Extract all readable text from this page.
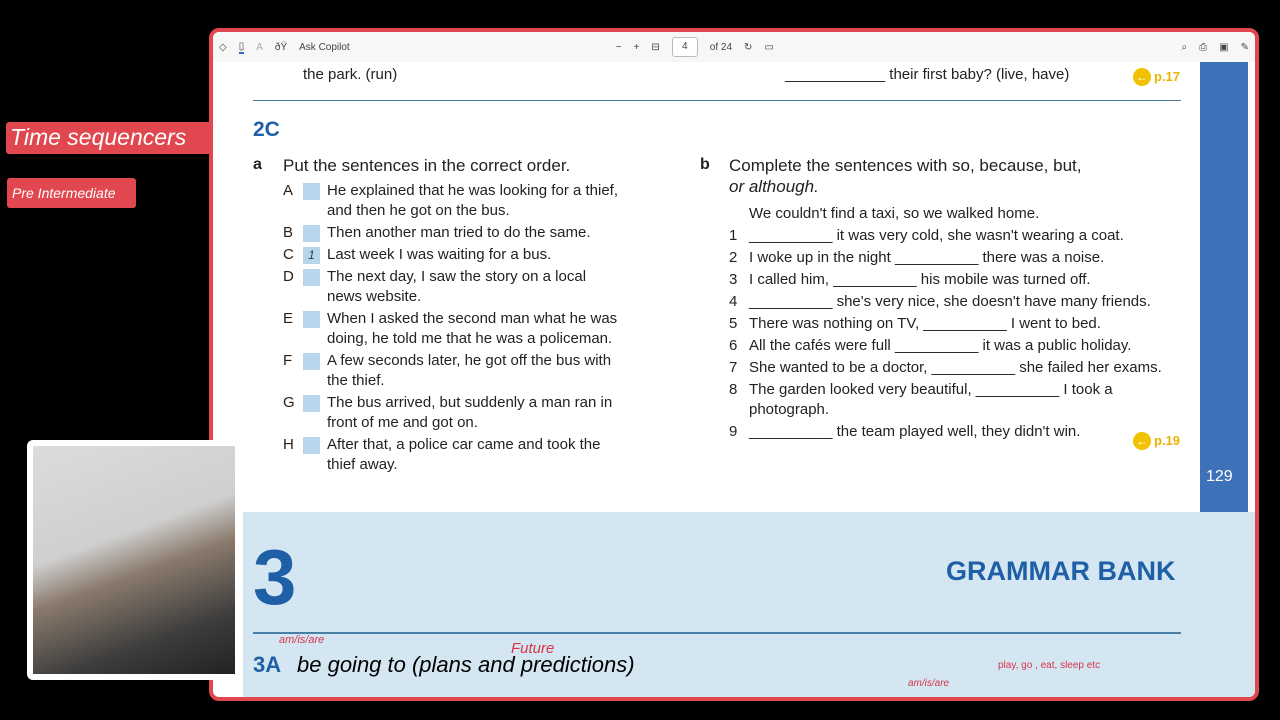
Time sequencers
Pre Intermediate
◇ ▯ A ðŸ Ask Copilot	− + ⊟	4	of 24 ↻ ▭	⌕ ⎙ ▣ ✎
the park. (run)	____________ their first baby? (live, have)	← p.17
2C
a Put the sentences in the correct order.
A	He explained that he was looking for a thief,
and then he got on the bus.
B	Then another man tried to do the same.
C 1 Last week I was waiting for a bus.
D	The next day, I saw the story on a local
news website.
E	When I asked the second man what he was
doing, he told me that he was a policeman.
F	A few seconds later, he got off the bus with
the thief.
G	The bus arrived, but suddenly a man ran in
front of me and got on.
H	After that, a police car came and took the
thief away.
b Complete the sentences with so, because, but,
or although.
We couldn't find a taxi, so we walked home.
1 __________ it was very cold, she wasn't wearing a coat.
2 I woke up in the night __________ there was a noise.
3 I called him, __________ his mobile was turned off.
4 __________ she's very nice, she doesn't have many friends.
5 There was nothing on TV, __________ I went to bed.
6 All the cafés were full __________ it was a public holiday.
7 She wanted to be a doctor, __________ she failed her exams.
8 The garden looked very beautiful, __________ I took a
photograph.
9 __________ the team played well, they didn't win.
← p.19
129
3	GRAMMAR BANK
3A be going to (plans and predictions)
am/is/are	Future
play, go , eat, sleep etc
am/is/are
